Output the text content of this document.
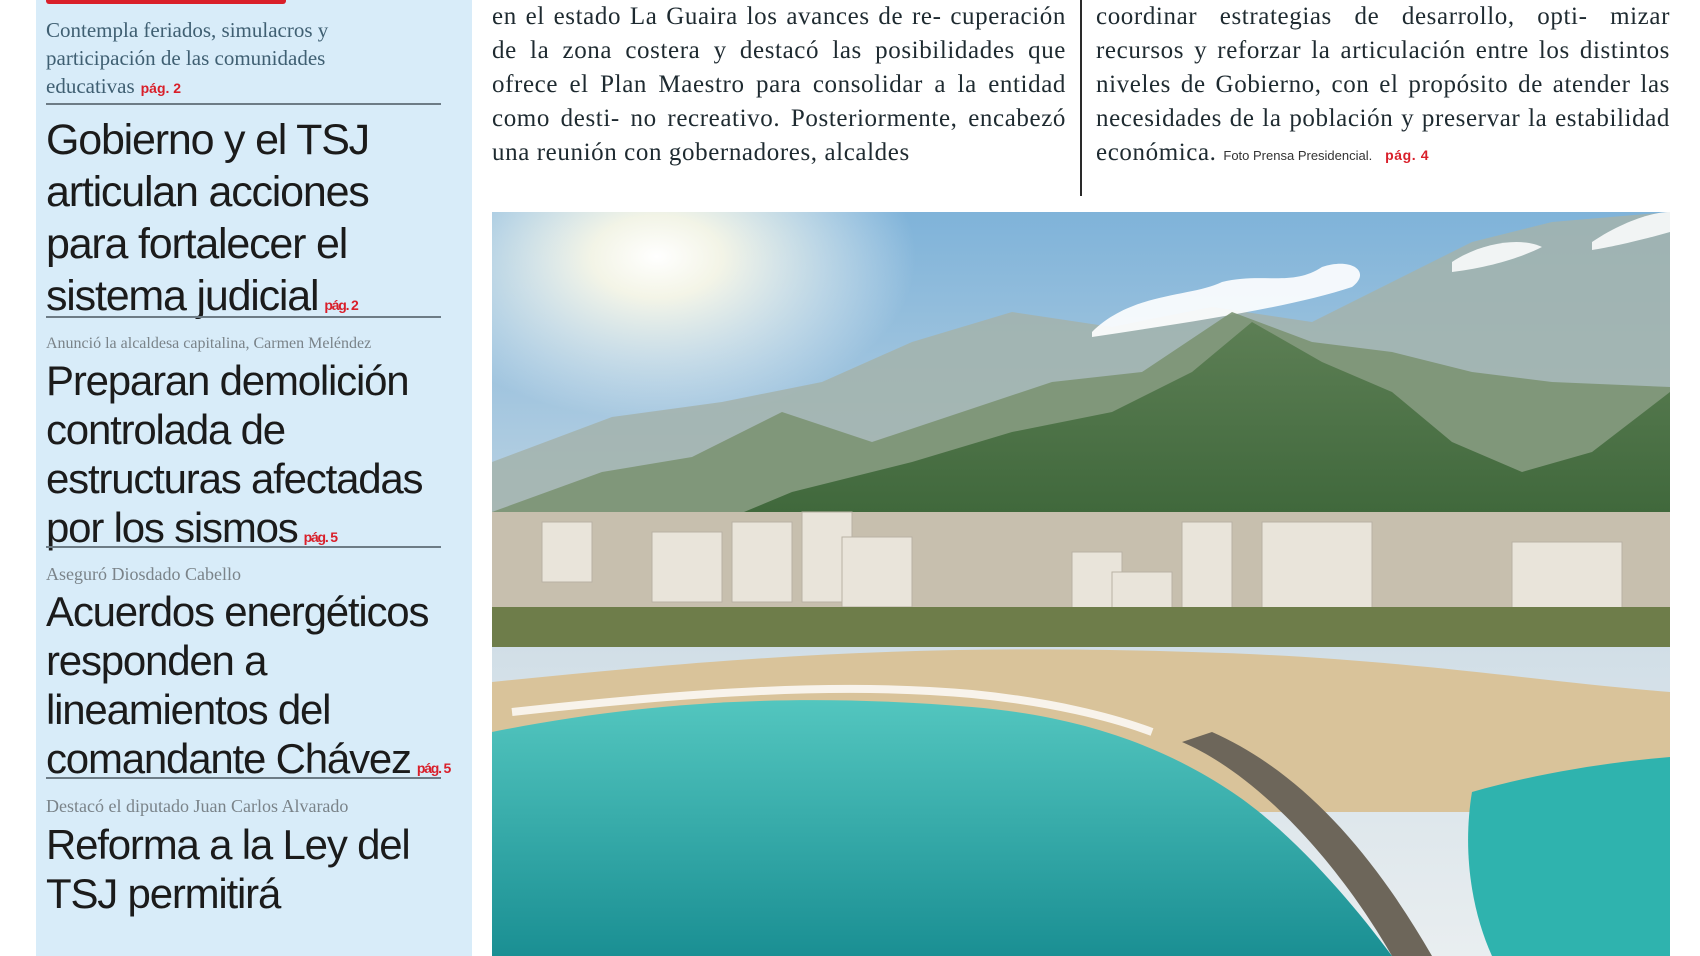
Contempla feriados, simulacros y participación de las comunidades educativas pág. 2
Gobierno y el TSJ articulan acciones para fortalecer el sistema judicial pág. 2
Anunció la alcaldesa capitalina, Carmen Meléndez
Preparan demolición controlada de estructuras afectadas por los sismos pág. 5
Aseguró Diosdado Cabello
Acuerdos energéticos responden a lineamientos del comandante Chávez pág. 5
Destacó el diputado Juan Carlos Alvarado
Reforma a la Ley del TSJ permitirá
en el estado La Guaira los avances de re- cuperación de la zona costera y destacó las posibilidades que ofrece el Plan Maestro para consolidar a la entidad como desti- no recreativo. Posteriormente, encabezó una reunión con gobernadores, alcaldes
coordinar estrategias de desarrollo, opti- mizar recursos y reforzar la articulación entre los distintos niveles de Gobierno, con el propósito de atender las necesidades de la población y preservar la estabilidad económica. Foto Prensa Presidencial. pág. 4
